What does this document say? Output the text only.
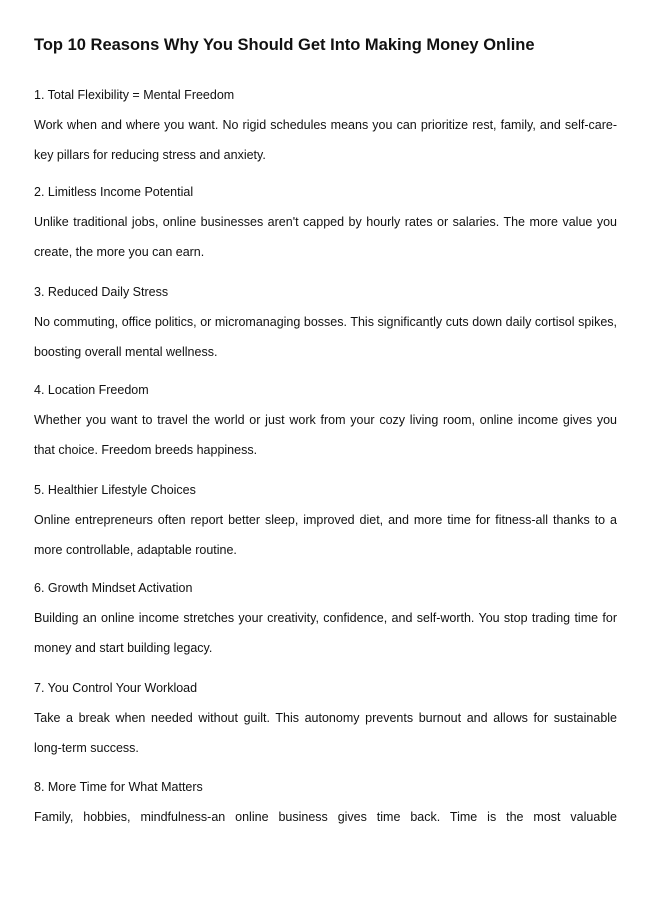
Top 10 Reasons Why You Should Get Into Making Money Online

1. Total Flexibility = Mental Freedom

Work when and where you want. No rigid schedules means you can prioritize rest, family, and self-care-key pillars for reducing stress and anxiety.

2. Limitless Income Potential

Unlike traditional jobs, online businesses aren't capped by hourly rates or salaries. The more value you create, the more you can earn.

3. Reduced Daily Stress

No commuting, office politics, or micromanaging bosses. This significantly cuts down daily cortisol spikes, boosting overall mental wellness.

4. Location Freedom

Whether you want to travel the world or just work from your cozy living room, online income gives you that choice. Freedom breeds happiness.

5. Healthier Lifestyle Choices

Online entrepreneurs often report better sleep, improved diet, and more time for fitness-all thanks to a more controllable, adaptable routine.

6. Growth Mindset Activation

Building an online income stretches your creativity, confidence, and self-worth. You stop trading time for money and start building legacy.

7. You Control Your Workload

Take a break when needed without guilt. This autonomy prevents burnout and allows for sustainable long-term success.

8. More Time for What Matters

Family, hobbies, mindfulness-an online business gives time back. Time is the most valuable
